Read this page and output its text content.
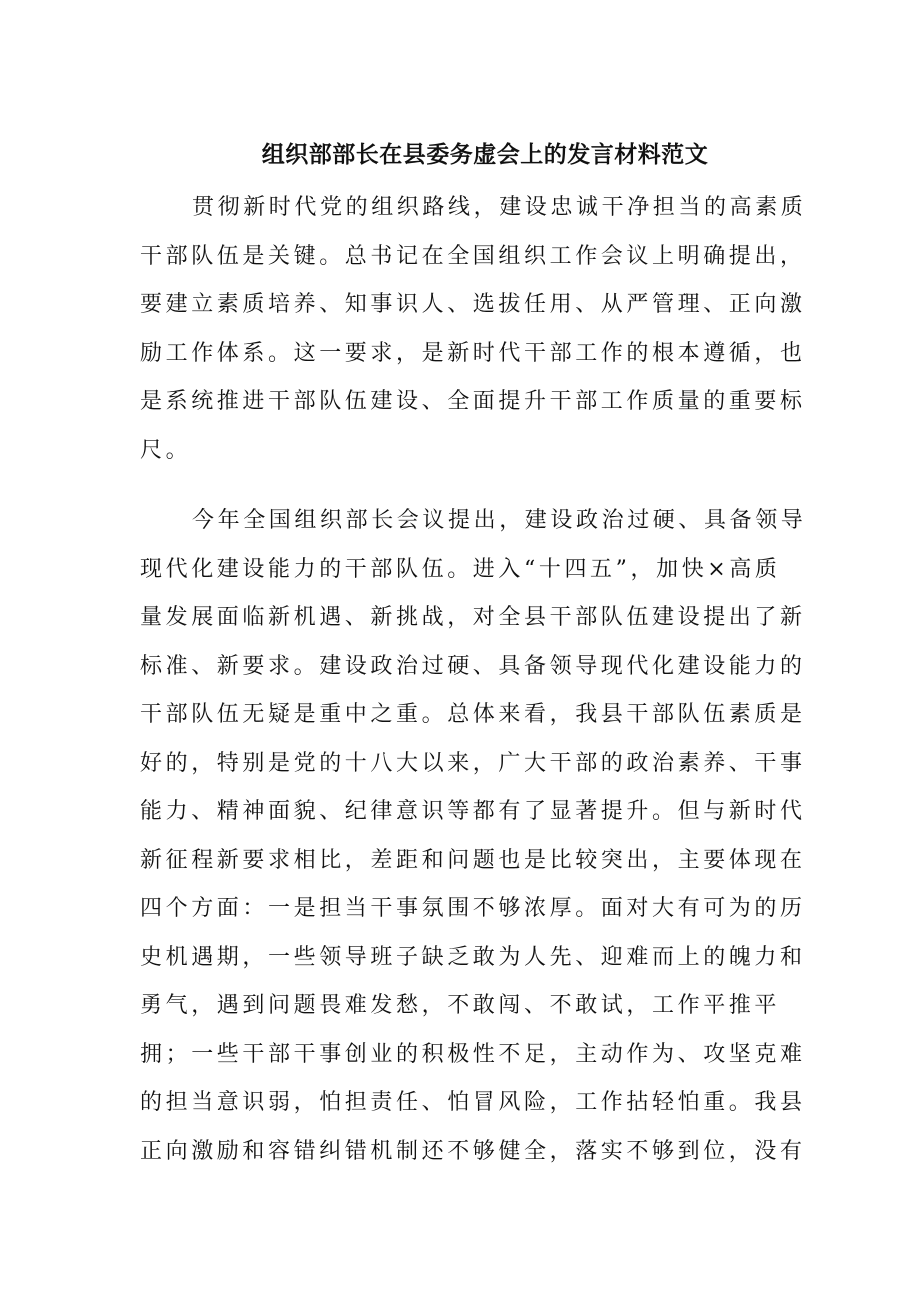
组织部部长在县委务虚会上的发言材料范文
贯彻新时代党的组织路线，建设忠诚干净担当的高素质
干部队伍是关键。总书记在全国组织工作会议上明确提出，
要建立素质培养、知事识人、选拔任用、从严管理、正向激
励工作体系。这一要求，是新时代干部工作的根本遵循，也
是系统推进干部队伍建设、全面提升干部工作质量的重要标
尺。
今年全国组织部长会议提出，建设政治过硬、具备领导
现代化建设能力的干部队伍。进入“十四五”，加快×高质
量发展面临新机遇、新挑战，对全县干部队伍建设提出了新
标准、新要求。建设政治过硬、具备领导现代化建设能力的
干部队伍无疑是重中之重。总体来看，我县干部队伍素质是
好的，特别是党的十八大以来，广大干部的政治素养、干事
能力、精神面貌、纪律意识等都有了显著提升。但与新时代
新征程新要求相比，差距和问题也是比较突出，主要体现在
四个方面：一是担当干事氛围不够浓厚。面对大有可为的历
史机遇期，一些领导班子缺乏敢为人先、迎难而上的魄力和
勇气，遇到问题畏难发愁，不敢闯、不敢试，工作平推平
拥；一些干部干事创业的积极性不足，主动作为、攻坚克难
的担当意识弱，怕担责任、怕冒风险，工作拈轻怕重。我县
正向激励和容错纠错机制还不够健全，落实不够到位，没有
